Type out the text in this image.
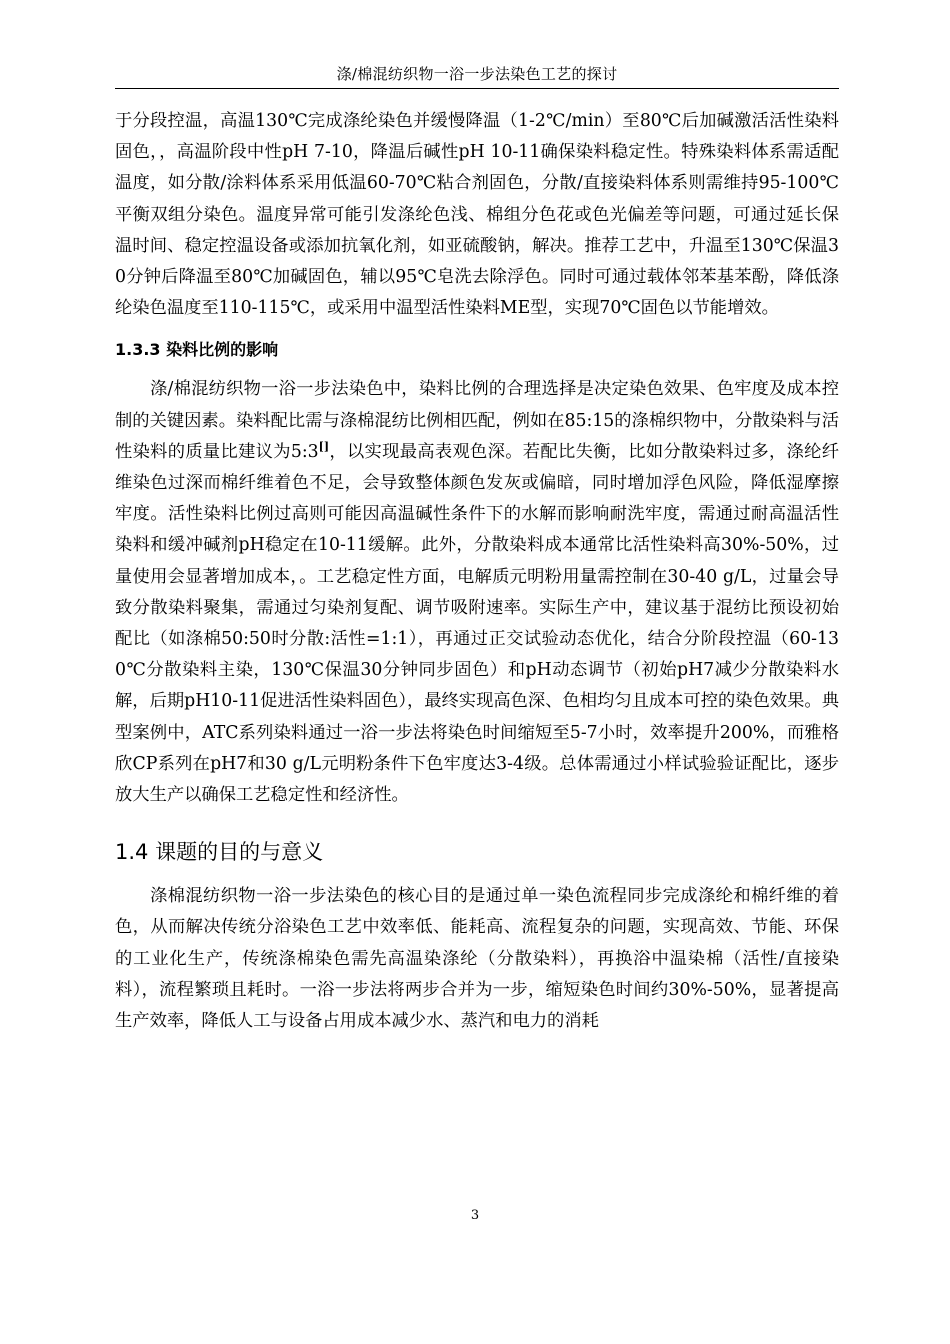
涤/棉混纺织物一浴一步法染色工艺的探讨

于分段控温，高温130℃完成涤纶染色并缓慢降温（1-2℃/min）至80℃后加碱激活活性染料固色，，高温阶段中性pH 7-10，降温后碱性pH 10-11确保染料稳定性。特殊染料体系需适配温度，如分散/涂料体系采用低温60-70℃粘合剂固色，分散/直接染料体系则需维持95-100℃平衡双组分染色。温度异常可能引发涤纶色浅、棉组分色花或色光偏差等问题，可通过延长保温时间、稳定控温设备或添加抗氧化剂，如亚硫酸钠，解决。推荐工艺中，升温至130℃保温30分钟后降温至80℃加碱固色，辅以95℃皂洗去除浮色。同时可通过载体邻苯基苯酚，降低涤纶染色温度至110-115℃，或采用中温型活性染料ME型，实现70℃固色以节能增效。

1.3.3 染料比例的影响

涤/棉混纺织物一浴一步法染色中，染料比例的合理选择是决定染色效果、色牢度及成本控制的关键因素。染料配比需与涤棉混纺比例相匹配，例如在85:15的涤棉织物中，分散染料与活性染料的质量比建议为5:3[]，以实现最高表观色深。若配比失衡，比如分散染料过多，涤纶纤维染色过深而棉纤维着色不足，会导致整体颜色发灰或偏暗，同时增加浮色风险，降低湿摩擦牢度。活性染料比例过高则可能因高温碱性条件下的水解而影响耐洗牢度，需通过耐高温活性染料和缓冲碱剂pH稳定在10-11缓解。此外，分散染料成本通常比活性染料高30%-50%，过量使用会显著增加成本，。工艺稳定性方面，电解质元明粉用量需控制在30-40 g/L，过量会导致分散染料聚集，需通过匀染剂复配、调节吸附速率。实际生产中，建议基于混纺比预设初始配比（如涤棉50:50时分散:活性=1:1），再通过正交试验动态优化，结合分阶段控温（60-130℃分散染料主染，130℃保温30分钟同步固色）和pH动态调节（初始pH7减少分散染料水解，后期pH10-11促进活性染料固色），最终实现高色深、色相均匀且成本可控的染色效果。典型案例中，ATC系列染料通过一浴一步法将染色时间缩短至5-7小时，效率提升200%，而雅格欣CP系列在pH7和30 g/L元明粉条件下色牢度达3-4级。总体需通过小样试验验证配比，逐步放大生产以确保工艺稳定性和经济性。

1.4 课题的目的与意义

涤棉混纺织物一浴一步法染色的核心目的是通过单一染色流程同步完成涤纶和棉纤维的着色，从而解决传统分浴染色工艺中效率低、能耗高、流程复杂的问题，实现高效、节能、环保的工业化生产，传统涤棉染色需先高温染涤纶（分散染料），再换浴中温染棉（活性/直接染料），流程繁琐且耗时。一浴一步法将两步合并为一步，缩短染色时间约30%-50%，显著提高生产效率，降低人工与设备占用成本减少水、蒸汽和电力的消耗

3
